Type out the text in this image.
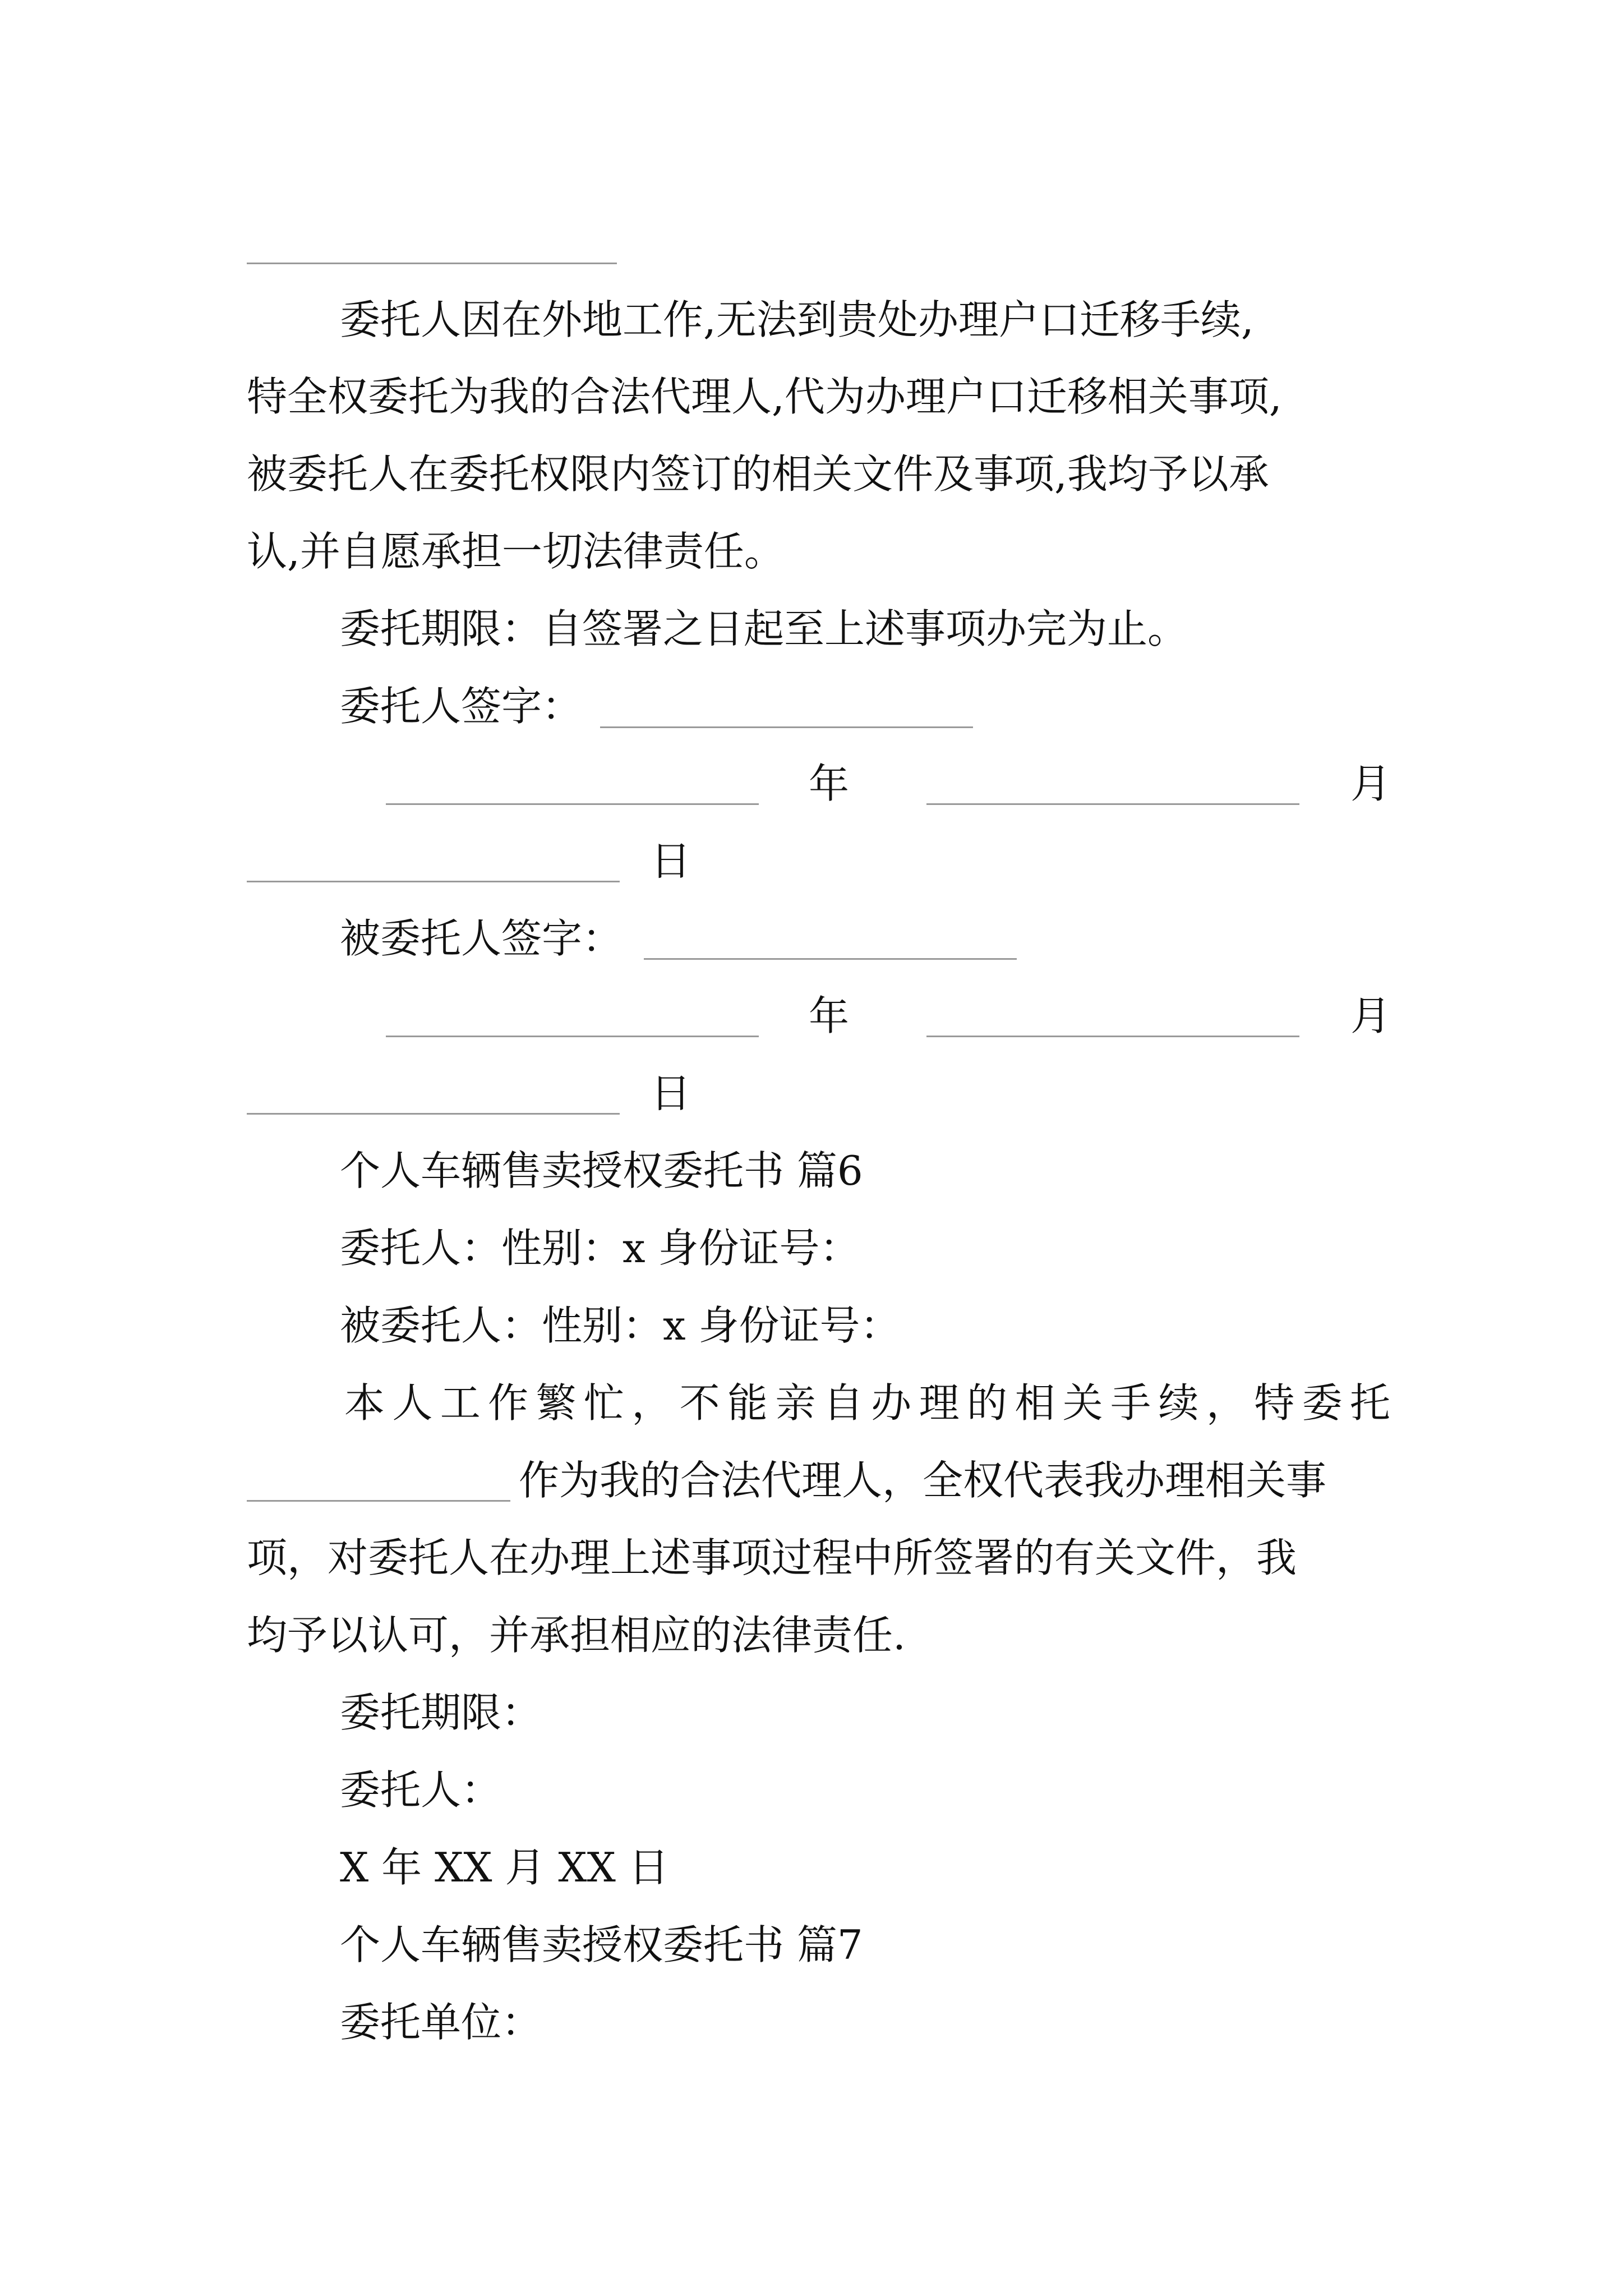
委托人因在外地工作,无法到贵处办理户口迁移手续,
特全权委托为我的合法代理人,代为办理户口迁移相关事项,
被委托人在委托权限内签订的相关文件及事项,我均予以承
认,并自愿承担一切法律责任。
委托期限：自签署之日起至上述事项办完为止。
委托人签字：
年	月
日
被委托人签字：
年	月
日
个人车辆售卖授权委托书 篇6
委托人：性别：x 身份证号：
被委托人：性别：x 身份证号：
本人工作繁忙，不能亲自办理的相关手续，特委托
作为我的合法代理人，全权代表我办理相关事
项，对委托人在办理上述事项过程中所签署的有关文件，我
均予以认可，并承担相应的法律责任.
委托期限：
委托人：
X 年 XX 月 XX 日
个人车辆售卖授权委托书 篇7
委托单位：
